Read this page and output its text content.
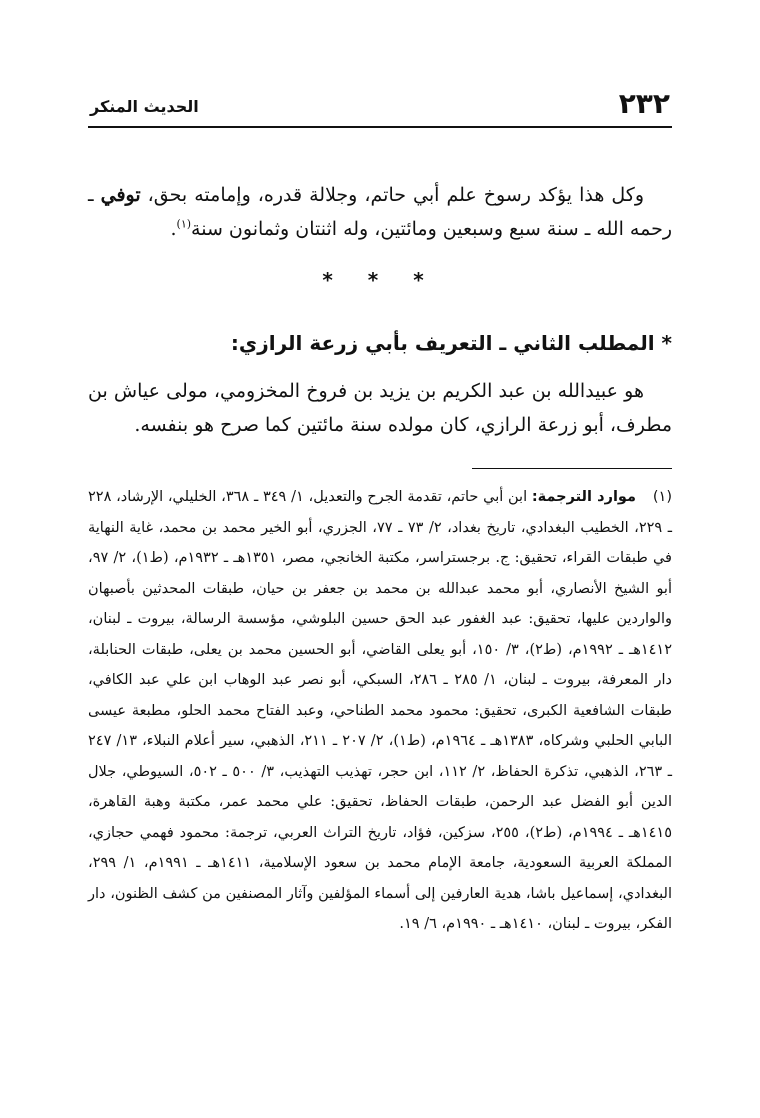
٢٣٢
الحديث المنكر

وكل هذا يؤكد رسوخ علم أبي حاتم، وجلالة قدره، وإمامته بحق، توفي ـ رحمه الله ـ سنة سبع وسبعين ومائتين، وله اثنتان وثمانون سنة$^{(١)}$.

* * *
* المطلب الثاني ـ التعريف بأبي زرعة الرازي:

هو عبيدالله بن عبد الكريم بن يزيد بن فروخ المخزومي، مولى عياش بن مطرف، أبو زرعة الرازي، كان مولده سنة مائتين كما صرح هو بنفسه.

(١)موارد الترجمة: ابن أبي حاتم، تقدمة الجرح والتعديل، ١/ ٣٤٩ ـ ٣٦٨، الخليلي، الإرشاد، ٢٢٨ ـ ٢٢٩، الخطيب البغدادي، تاريخ بغداد، ٢/ ٧٣ ـ ٧٧، الجزري، أبو الخير محمد بن محمد، غاية النهاية في طبقات القراء، تحقيق: ج. برجستراسر، مكتبة الخانجي، مصر، ١٣٥١هـ ـ ١٩٣٢م، (ط١)، ٢/ ٩٧، أبو الشيخ الأنصاري، أبو محمد عبدالله بن محمد بن جعفر بن حيان، طبقات المحدثين بأصبهان والواردين عليها، تحقيق: عبد الغفور عبد الحق حسين البلوشي، مؤسسة الرسالة، بيروت ـ لبنان، ١٤١٢هـ ـ ١٩٩٢م، (ط٢)، ٣/ ١٥٠، أبو يعلى القاضي، أبو الحسين محمد بن يعلى، طبقات الحنابلة، دار المعرفة، بيروت ـ لبنان، ١/ ٢٨٥ ـ ٢٨٦، السبكي، أبو نصر عبد الوهاب ابن علي عبد الكافي، طبقات الشافعية الكبرى، تحقيق: محمود محمد الطناحي، وعبد الفتاح محمد الحلو، مطبعة عيسى البابي الحلبي وشركاه، ١٣٨٣هـ ـ ١٩٦٤م، (ط١)، ٢/ ٢٠٧ ـ ٢١١، الذهبي، سير أعلام النبلاء، ١٣/ ٢٤٧ ـ ٢٦٣، الذهبي، تذكرة الحفاظ، ٢/ ١١٢، ابن حجر، تهذيب التهذيب، ٣/ ٥٠٠ ـ ٥٠٢، السيوطي، جلال الدين أبو الفضل عبد الرحمن، طبقات الحفاظ، تحقيق: علي محمد عمر، مكتبة وهبة القاهرة، ١٤١٥هـ ـ ١٩٩٤م، (ط٢)، ٢٥٥، سزكين، فؤاد، تاريخ التراث العربي، ترجمة: محمود فهمي حجازي، المملكة العربية السعودية، جامعة الإمام محمد بن سعود الإسلامية، ١٤١١هـ ـ ١٩٩١م، ١/ ٢٩٩، البغدادي، إسماعيل باشا، هدية العارفين إلى أسماء المؤلفين وآثار المصنفين من كشف الظنون، دار الفكر، بيروت ـ لبنان، ١٤١٠هـ ـ ١٩٩٠م، ٦/ ١٩.
